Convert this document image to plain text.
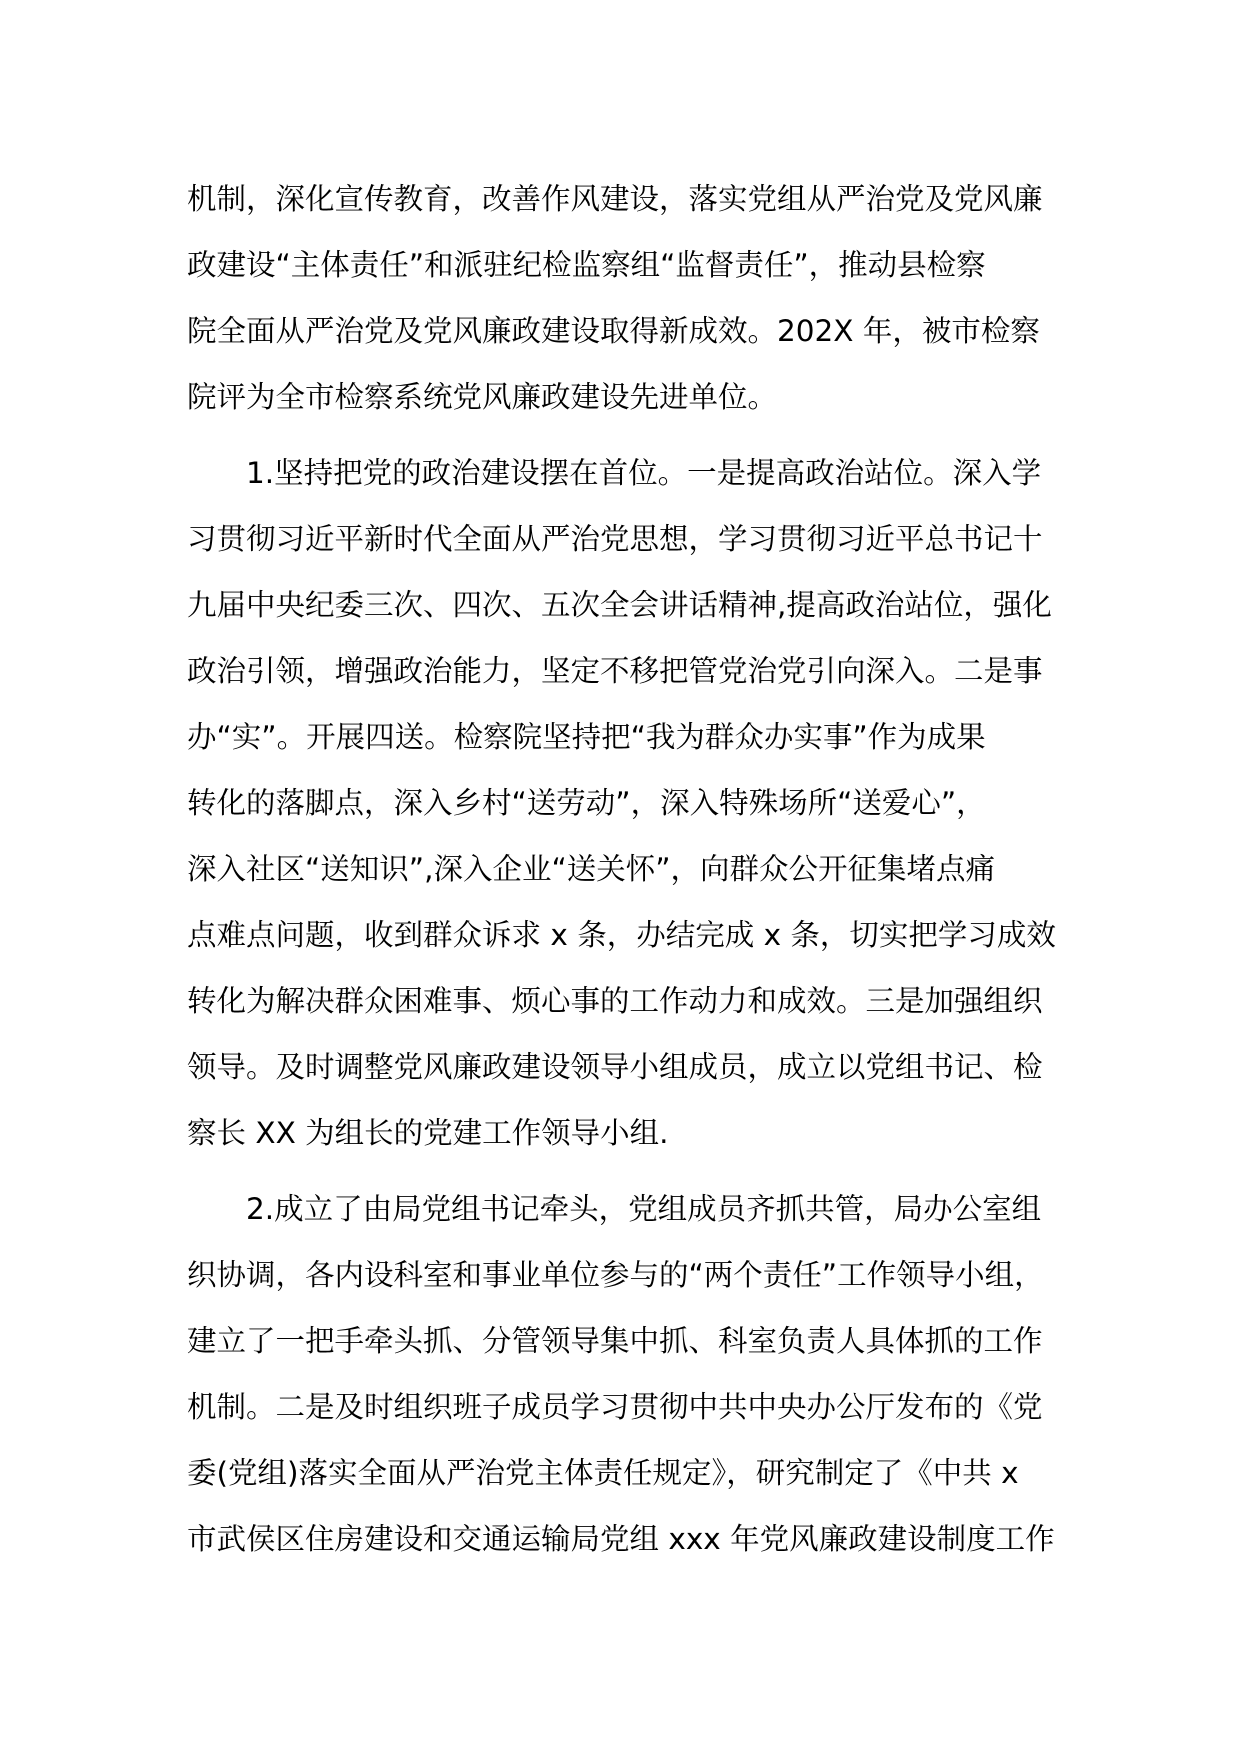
机制，深化宣传教育，改善作风建设，落实党组从严治党及党风廉
政建设“主体责任”和派驻纪检监察组“监督责任”，推动县检察
院全面从严治党及党风廉政建设取得新成效。202X 年，被市检察
院评为全市检察系统党风廉政建设先进单位。
　　1.坚持把党的政治建设摆在首位。一是提高政治站位。深入学
习贯彻习近平新时代全面从严治党思想，学习贯彻习近平总书记十
九届中央纪委三次、四次、五次全会讲话精神,提高政治站位，强化
政治引领，增强政治能力，坚定不移把管党治党引向深入。二是事
办“实”。开展四送。检察院坚持把“我为群众办实事”作为成果
转化的落脚点，深入乡村“送劳动”，深入特殊场所“送爱心”，
深入社区“送知识”,深入企业“送关怀”，向群众公开征集堵点痛
点难点问题，收到群众诉求 x 条，办结完成 x 条，切实把学习成效
转化为解决群众困难事、烦心事的工作动力和成效。三是加强组织
领导。及时调整党风廉政建设领导小组成员，成立以党组书记、检
察长 XX 为组长的党建工作领导小组.
　　2.成立了由局党组书记牵头，党组成员齐抓共管，局办公室组
织协调，各内设科室和事业单位参与的“两个责任”工作领导小组，
建立了一把手牵头抓、分管领导集中抓、科室负责人具体抓的工作
机制。二是及时组织班子成员学习贯彻中共中央办公厅发布的《党
委(党组)落实全面从严治党主体责任规定》，研究制定了《中共 x
市武侯区住房建设和交通运输局党组 xxx 年党风廉政建设制度工作
